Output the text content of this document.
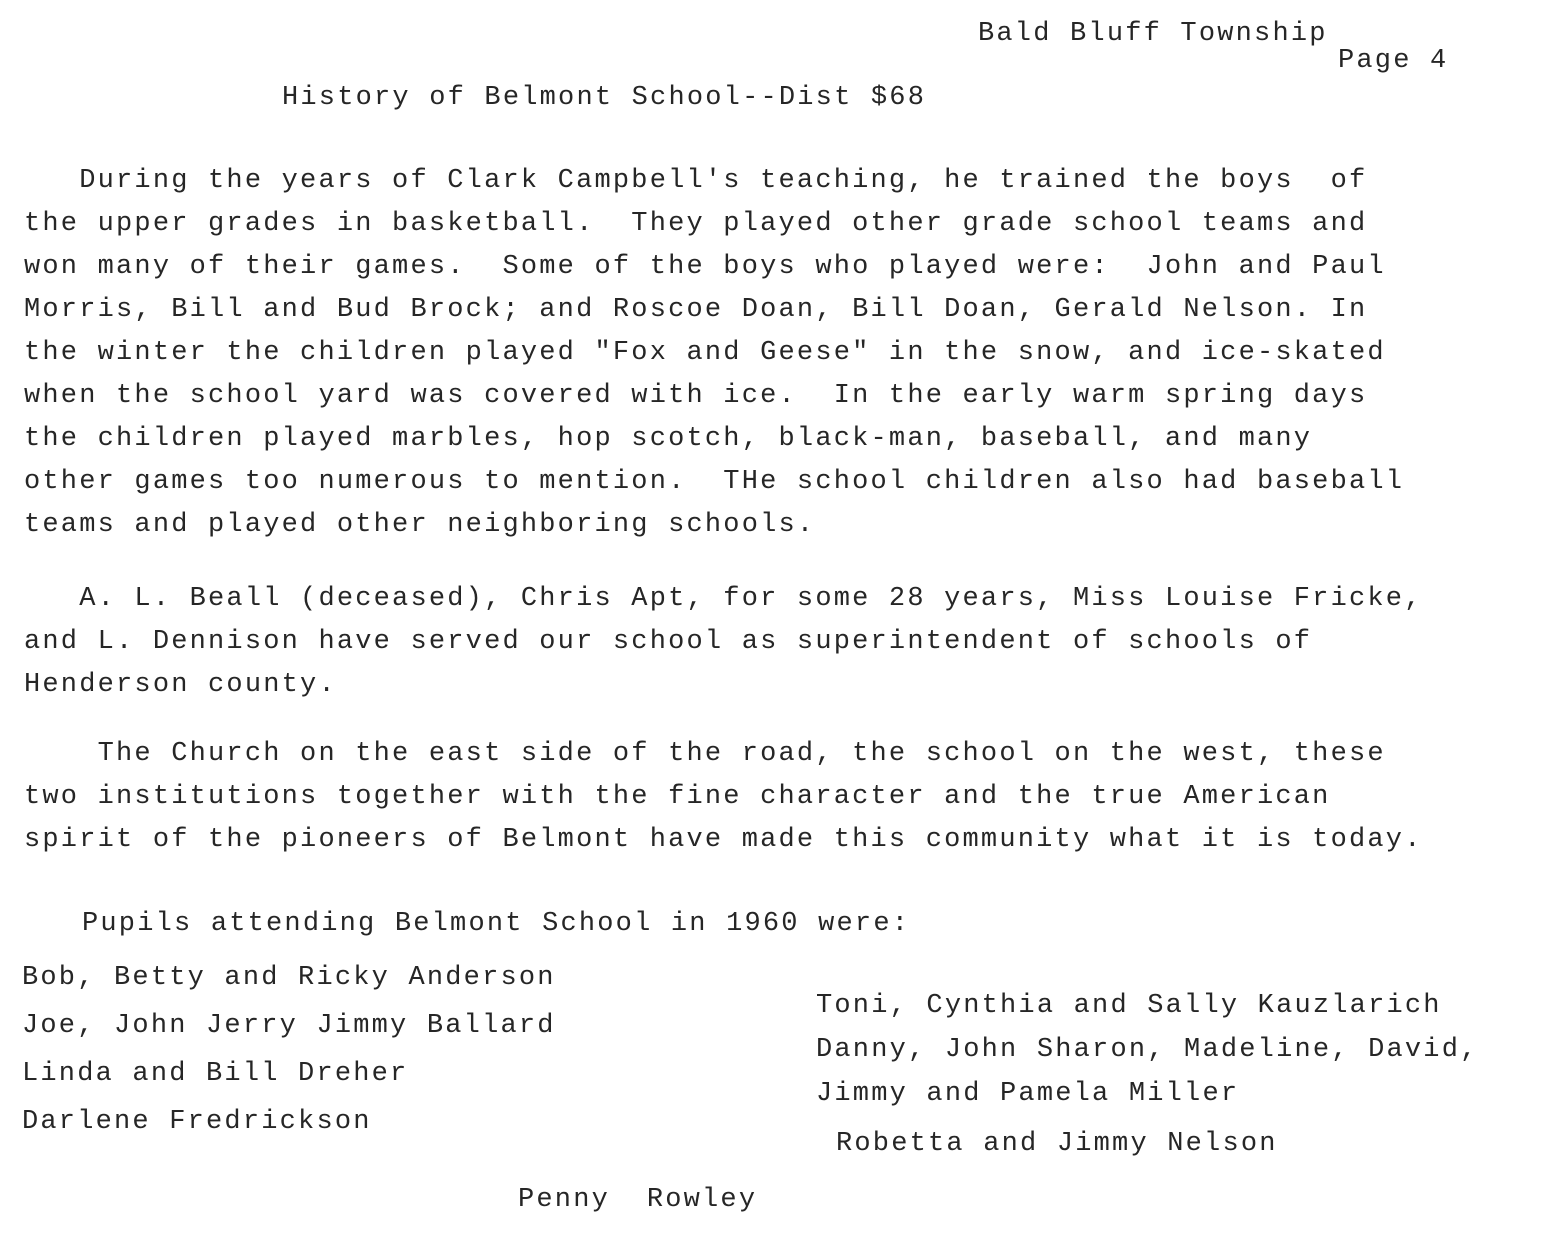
Bald Bluff Township
Page 4
History of Belmont School--Dist $68
During the years of Clark Campbell's teaching, he trained the boys  of
the upper grades in basketball.  They played other grade school teams and
won many of their games.  Some of the boys who played were:  John and Paul
Morris, Bill and Bud Brock; and Roscoe Doan, Bill Doan, Gerald Nelson. In
the winter the children played "Fox and Geese" in the snow, and ice-skated
when the school yard was covered with ice.  In the early warm spring days
the children played marbles, hop scotch, black-man, baseball, and many
other games too numerous to mention.  THe school children also had baseball
teams and played other neighboring schools.
A. L. Beall (deceased), Chris Apt, for some 28 years, Miss Louise Fricke,
and L. Dennison have served our school as superintendent of schools of
Henderson county.
The Church on the east side of the road, the school on the west, these
two institutions together with the fine character and the true American
spirit of the pioneers of Belmont have made this community what it is today.
Pupils attending Belmont School in 1960 were:
Bob, Betty and Ricky Anderson
Joe, John Jerry Jimmy Ballard
Linda and Bill Dreher
Darlene Fredrickson
Toni, Cynthia and Sally Kauzlarich
Danny, John Sharon, Madeline, David,
Jimmy and Pamela Miller
Robetta and Jimmy Nelson
Penny  Rowley
